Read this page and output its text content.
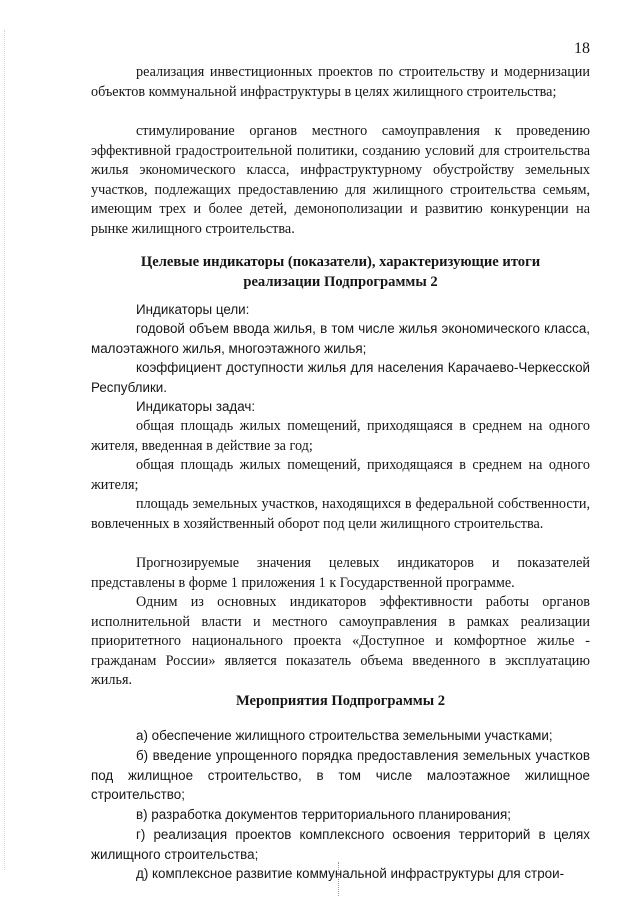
18

реализация инвестиционных проектов по строительству и модернизации объектов коммунальной инфраструктуры в целях жилищного строительства;

стимулирование органов местного самоуправления к проведению эффективной градостроительной политики, созданию условий для строительства жилья экономического класса, инфраструктурному обустройству земельных участков, подлежащих предоставлению для жилищного строительства семьям, имеющим трех и более детей, демонополизации и развитию конкуренции на рынке жилищного строительства.

Целевые индикаторы (показатели), характеризующие итоги
реализации Подпрограммы 2

Индикаторы цели:

годовой объем ввода жилья, в том числе жилья экономического класса, малоэтажного жилья, многоэтажного жилья;

коэффициент доступности жилья для населения Карачаево-Черкесской Республики.

Индикаторы задач:

общая площадь жилых помещений, приходящаяся в среднем на одного жителя, введенная в действие за год;

общая площадь жилых помещений, приходящаяся в среднем на одного жителя;

площадь земельных участков, находящихся в федеральной собственности, вовлеченных в хозяйственный оборот под цели жилищного строительства.

Прогнозируемые значения целевых индикаторов и показателей представлены в форме 1 приложения 1 к Государственной программе.

Одним из основных индикаторов эффективности работы органов исполнительной власти и местного самоуправления в рамках реализации приоритетного национального проекта «Доступное и комфортное жилье - гражданам России» является показатель объема введенного в эксплуатацию жилья.

Мероприятия Подпрограммы 2

а) обеспечение жилищного строительства земельными участками;

б) введение упрощенного порядка предоставления земельных участков под жилищное строительство, в том числе малоэтажное жилищное строительство;

в) разработка документов территориального планирования;

г) реализация проектов комплексного освоения территорий в целях жилищного строительства;

д) комплексное развитие коммунальной инфраструктуры для строи-
